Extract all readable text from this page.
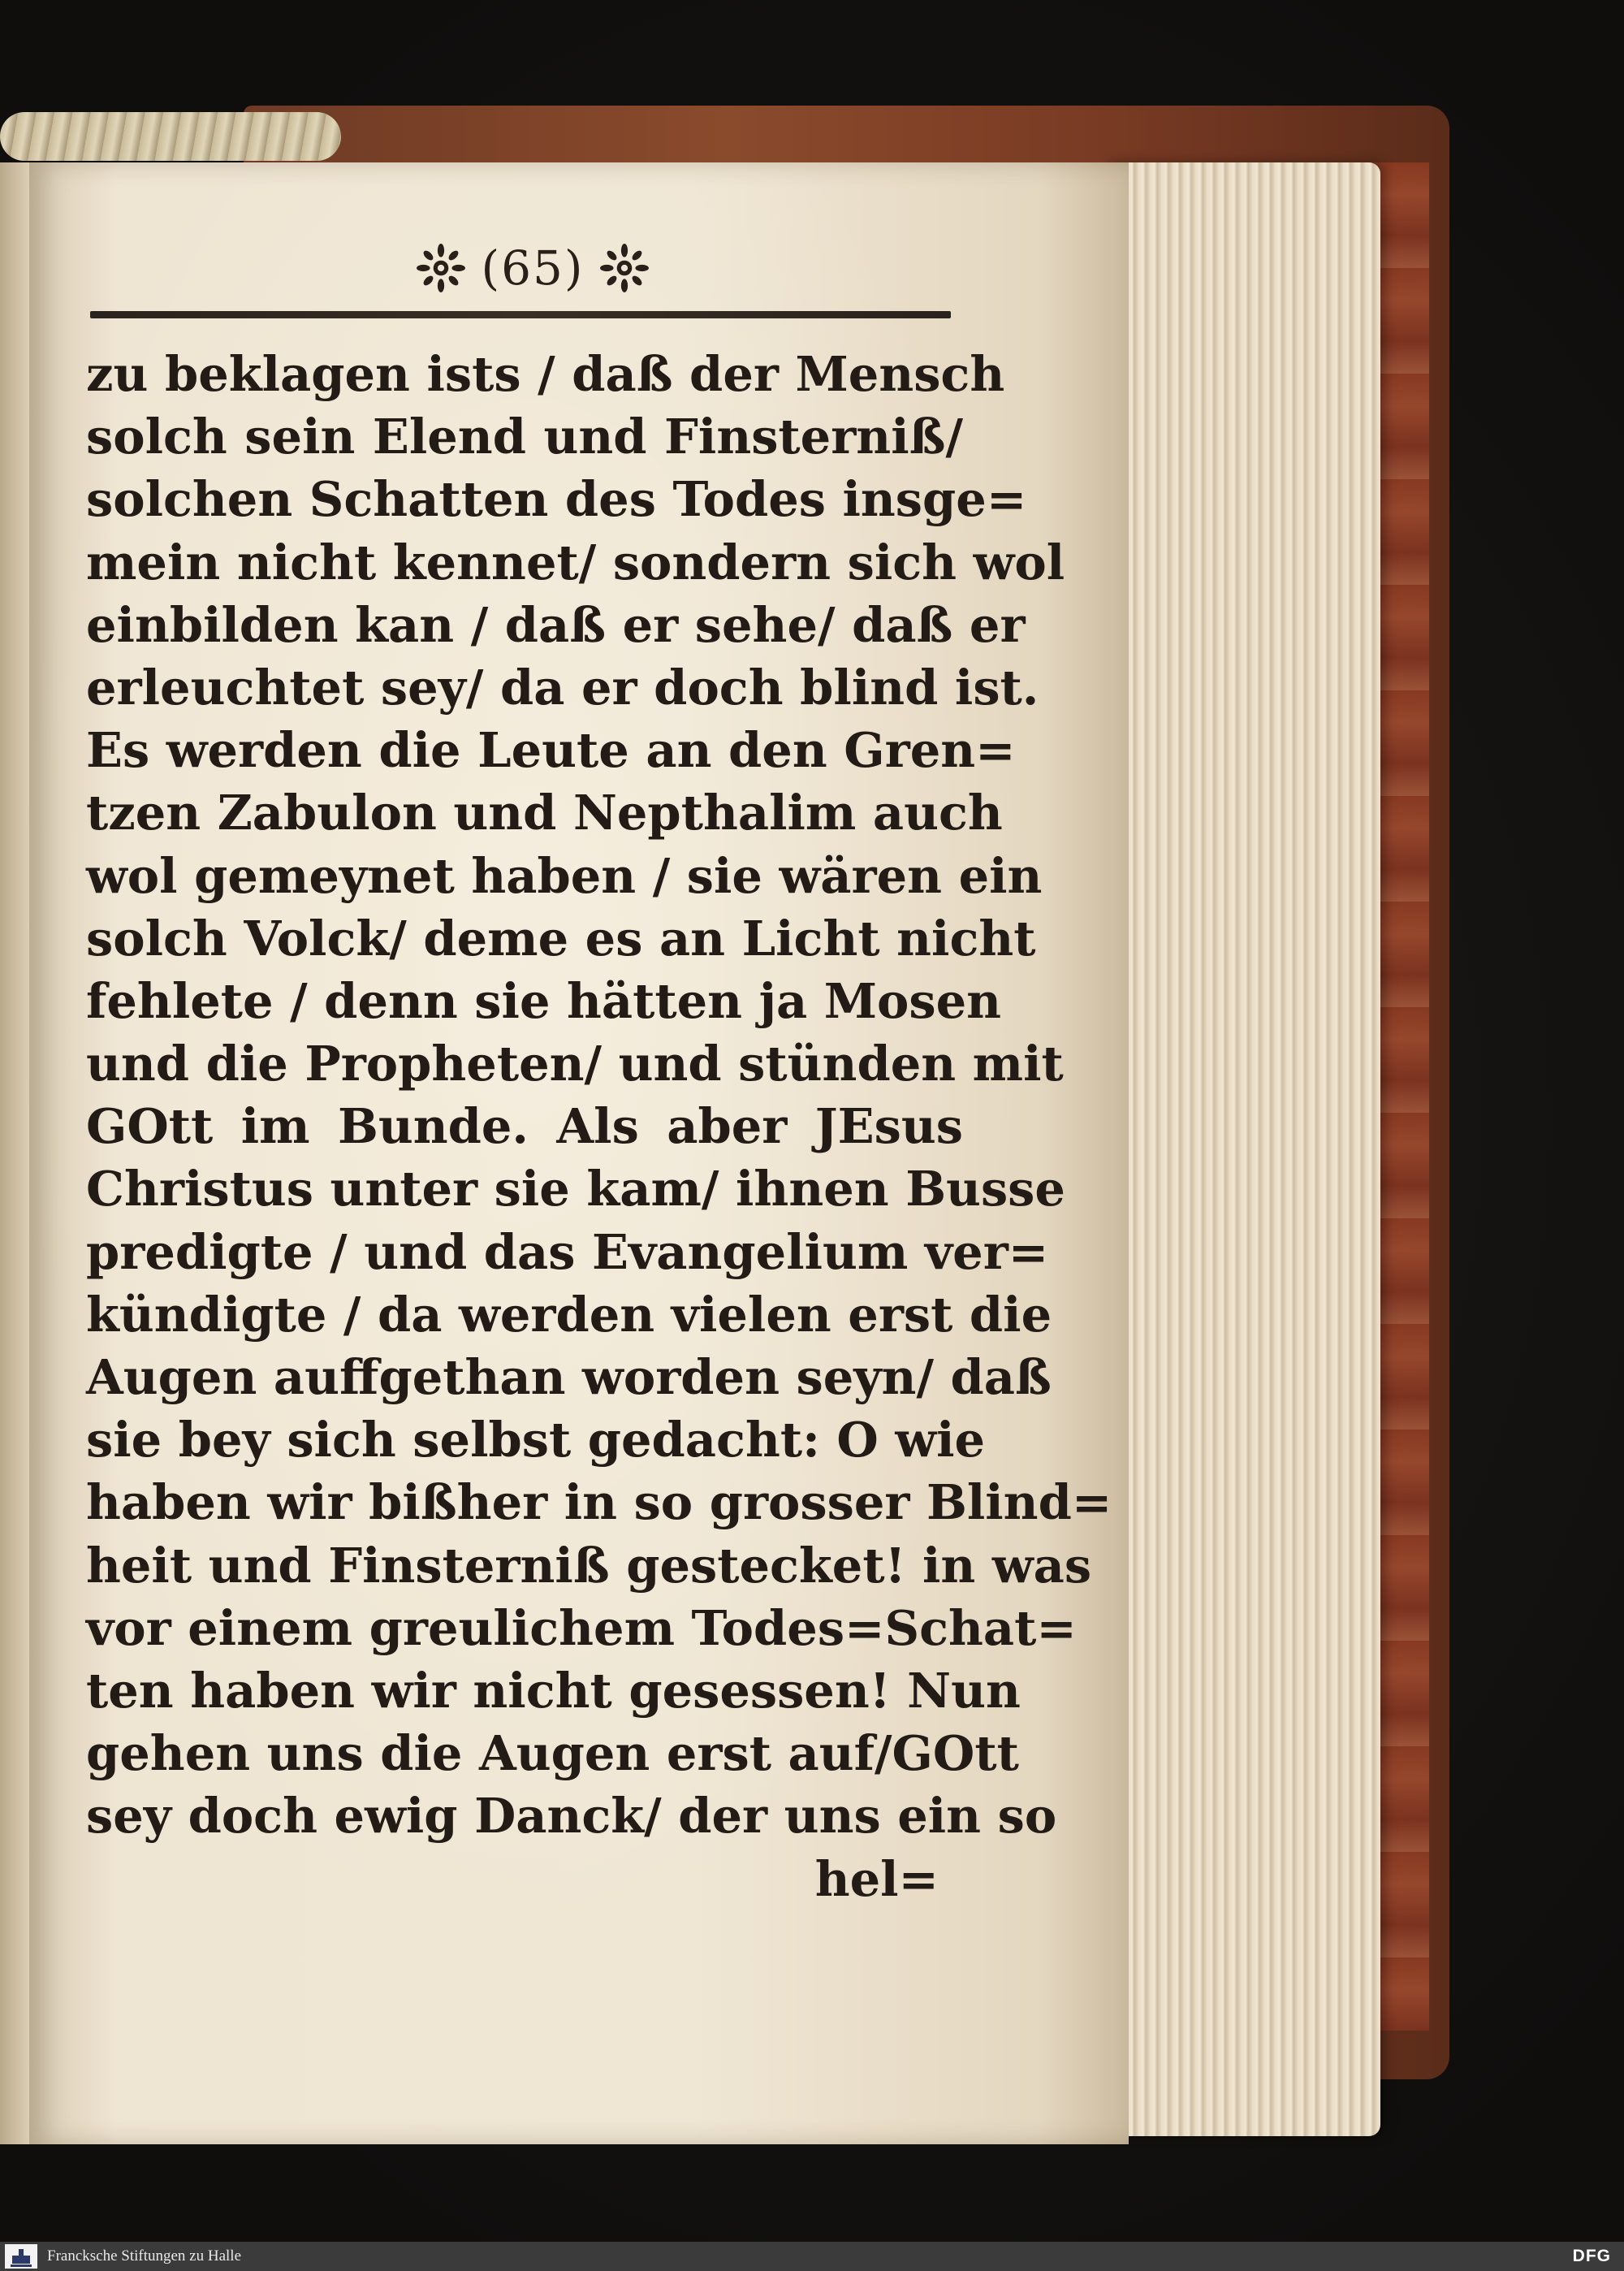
(65)
zu beklagen ists / daß der Mensch
solch sein Elend und Finsterniß/
solchen Schatten des Todes insge=
mein nicht kennet/ sondern sich wol
einbilden kan / daß er sehe/ daß er
erleuchtet sey/ da er doch blind ist.
Es werden die Leute an den Gren=
tzen Zabulon und Nepthalim auch
wol gemeynet haben / sie wären ein
solch Volck/ deme es an Licht nicht
fehlete / denn sie hätten ja Mosen
und die Propheten/ und stünden mit
GOtt im Bunde. Als aber JEsus
Christus unter sie kam/ ihnen Busse
predigte / und das Evangelium ver=
kündigte / da werden vielen erst die
Augen auffgethan worden seyn/ daß
sie bey sich selbst gedacht: O wie
haben wir bißher in so grosser Blind=
heit und Finsterniß gestecket! in was
vor einem greulichem Todes=Schat=
ten haben wir nicht gesessen! Nun
gehen uns die Augen erst auf/GOtt
sey doch ewig Danck/ der uns ein so
hel=
Francksche Stiftungen zu Halle	DFG
